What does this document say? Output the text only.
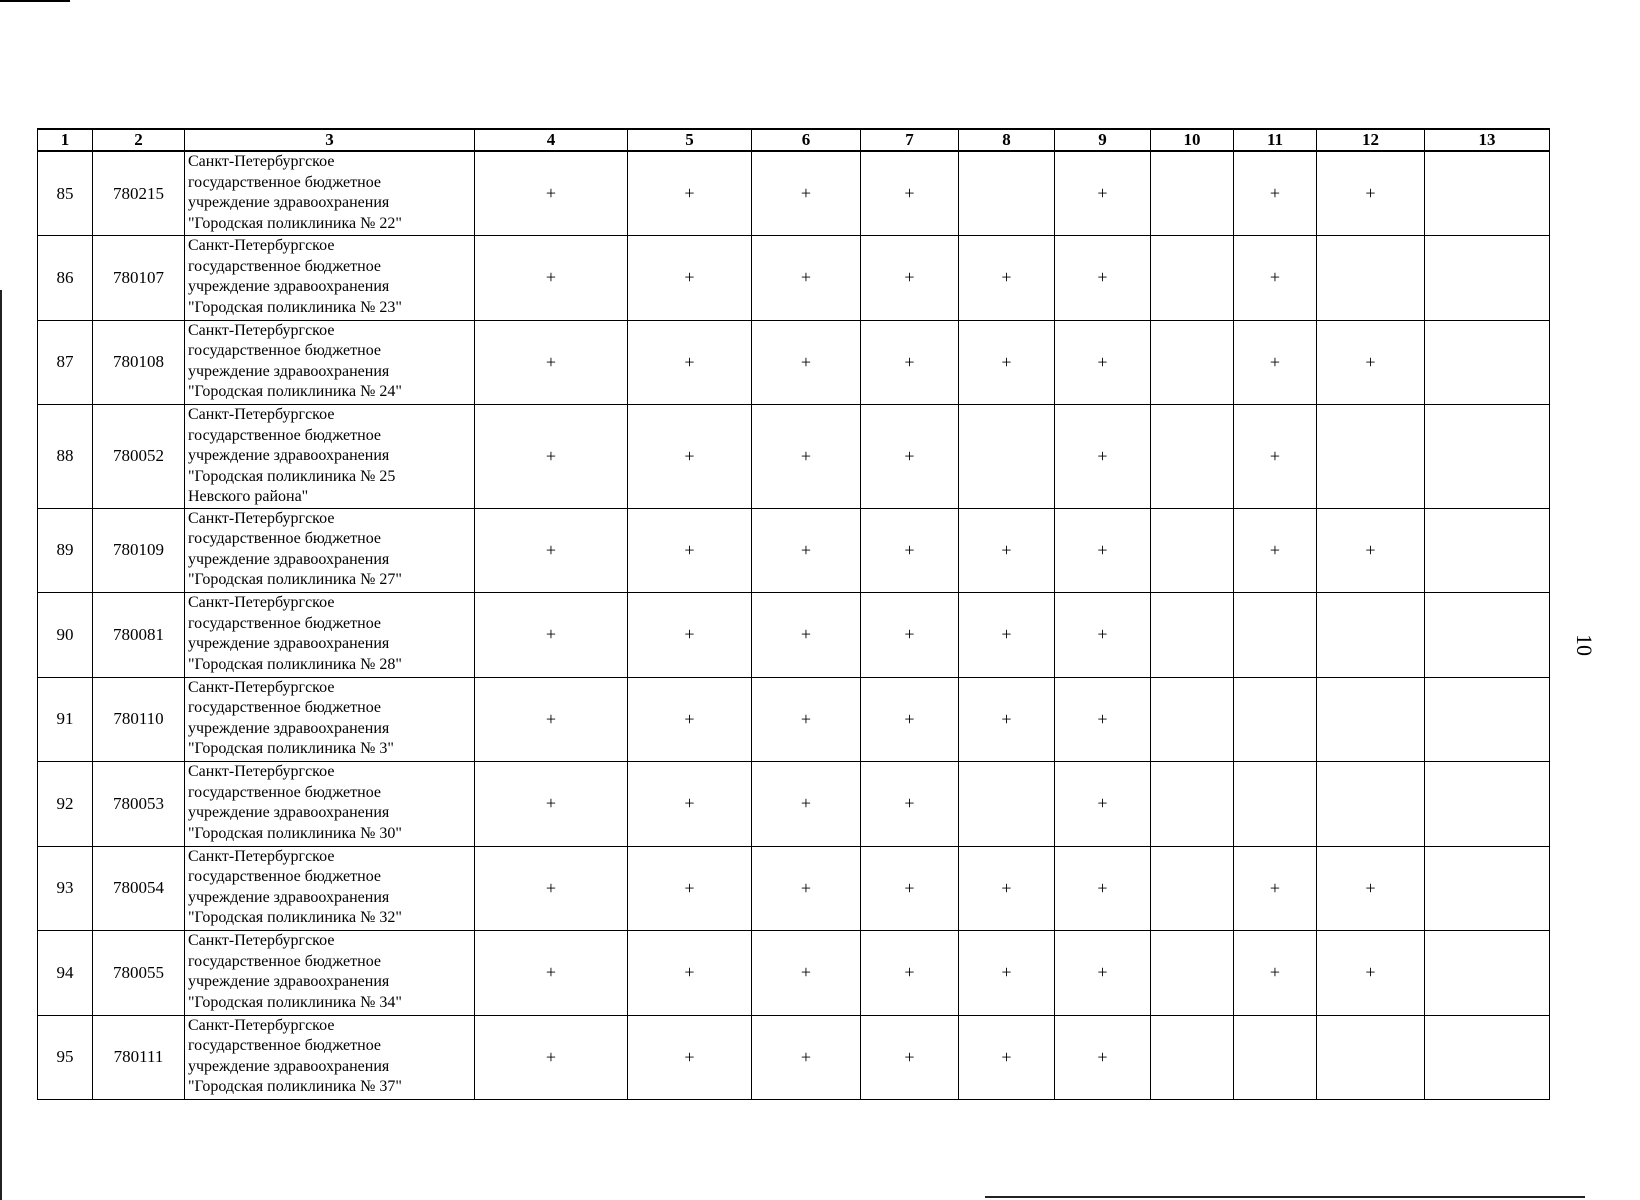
10
1	2	3	4	5	6	7	8	9	10	11	12	13
85	780215	Санкт-Петербургское
государственное бюджетное
учреждение здравоохранения
"Городская поликлиника № 22"	+	+	+	+		+		+	+	
86	780107	Санкт-Петербургское
государственное бюджетное
учреждение здравоохранения
"Городская поликлиника № 23"	+	+	+	+	+	+		+		
87	780108	Санкт-Петербургское
государственное бюджетное
учреждение здравоохранения
"Городская поликлиника № 24"	+	+	+	+	+	+		+	+	
88	780052	Санкт-Петербургское
государственное бюджетное
учреждение здравоохранения
"Городская поликлиника № 25
Невского района"	+	+	+	+		+		+		
89	780109	Санкт-Петербургское
государственное бюджетное
учреждение здравоохранения
"Городская поликлиника № 27"	+	+	+	+	+	+		+	+	
90	780081	Санкт-Петербургское
государственное бюджетное
учреждение здравоохранения
"Городская поликлиника № 28"	+	+	+	+	+	+				
91	780110	Санкт-Петербургское
государственное бюджетное
учреждение здравоохранения
"Городская поликлиника № 3"	+	+	+	+	+	+				
92	780053	Санкт-Петербургское
государственное бюджетное
учреждение здравоохранения
"Городская поликлиника № 30"	+	+	+	+		+				
93	780054	Санкт-Петербургское
государственное бюджетное
учреждение здравоохранения
"Городская поликлиника № 32"	+	+	+	+	+	+		+	+	
94	780055	Санкт-Петербургское
государственное бюджетное
учреждение здравоохранения
"Городская поликлиника № 34"	+	+	+	+	+	+		+	+	
95	780111	Санкт-Петербургское
государственное бюджетное
учреждение здравоохранения
"Городская поликлиника № 37"	+	+	+	+	+	+				
